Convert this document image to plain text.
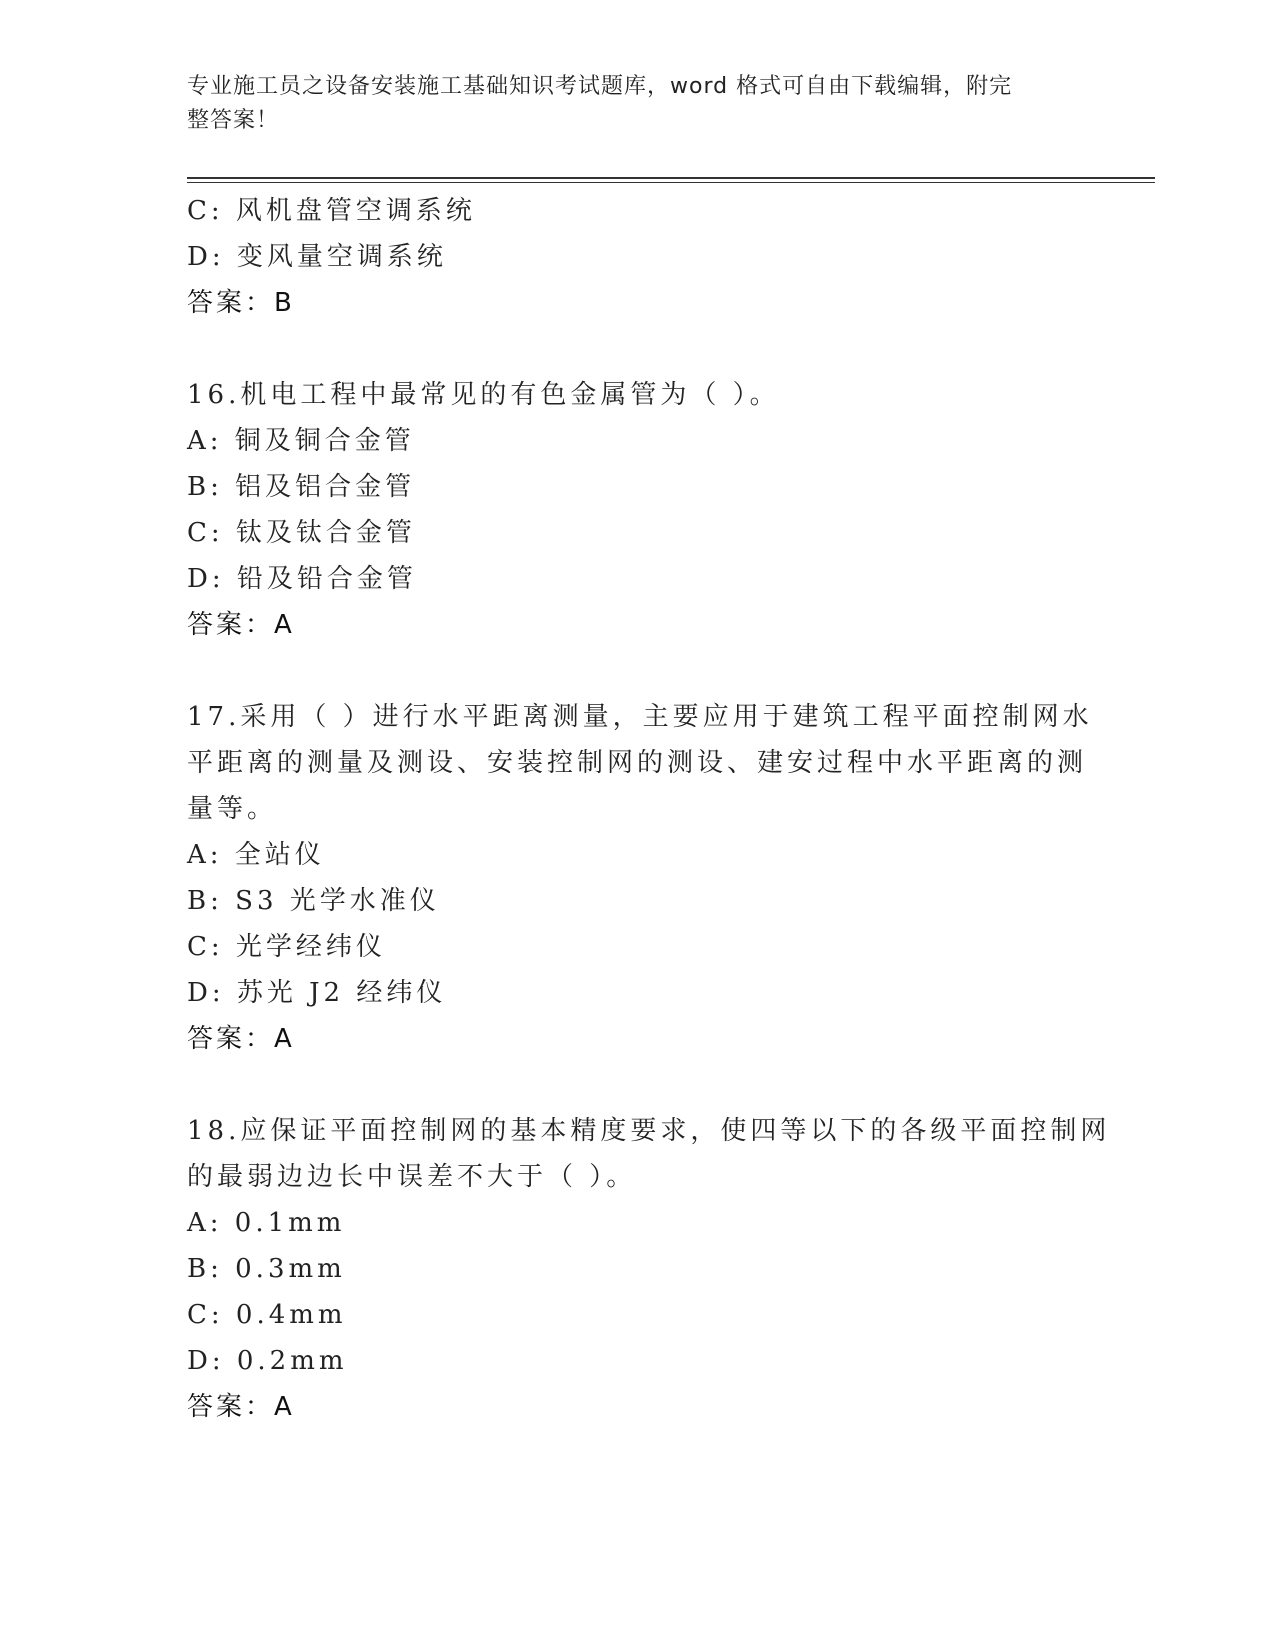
专业施工员之设备安装施工基础知识考试题库，word 格式可自由下载编辑，附完
整答案！
C: 风机盘管空调系统
D: 变风量空调系统
答案：B
16.机电工程中最常见的有色金属管为（ ）。
A: 铜及铜合金管
B: 铝及铝合金管
C: 钛及钛合金管
D: 铅及铅合金管
答案：A
17.采用（ ）进行水平距离测量，主要应用于建筑工程平面控制网水
平距离的测量及测设、安装控制网的测设、建安过程中水平距离的测
量等。
A: 全站仪
B: S3 光学水准仪
C: 光学经纬仪
D: 苏光 J2 经纬仪
答案：A
18.应保证平面控制网的基本精度要求，使四等以下的各级平面控制网
的最弱边边长中误差不大于（ ）。
A: 0.1mm
B: 0.3mm
C: 0.4mm
D: 0.2mm
答案：A
